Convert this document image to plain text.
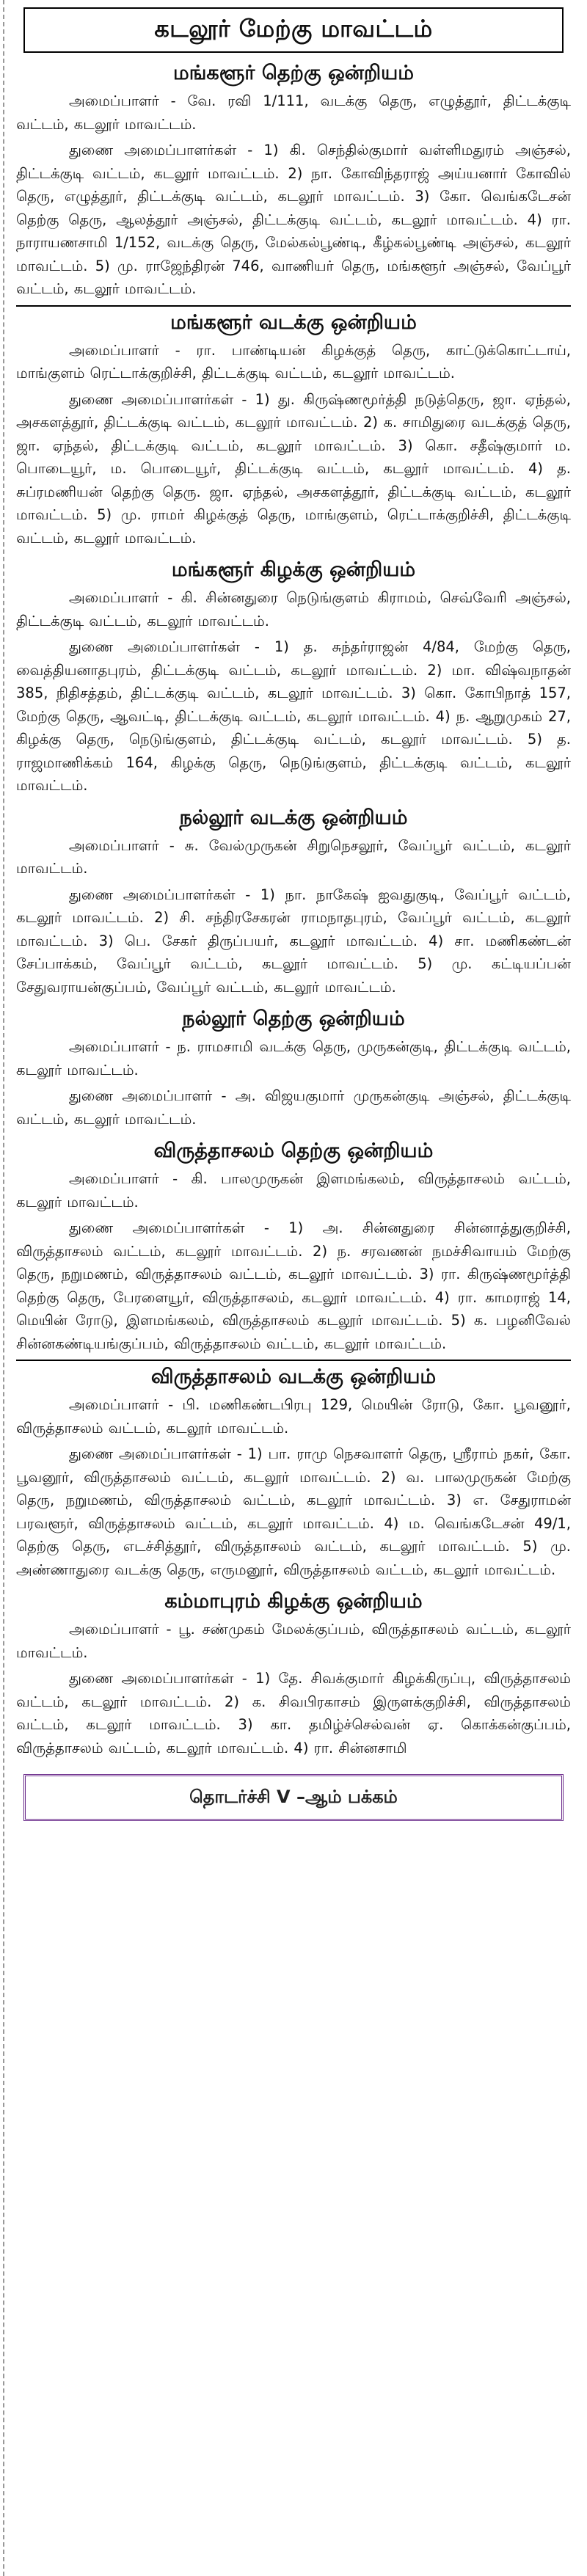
கடலூர் மேற்கு மாவட்டம்
மங்களூர் தெற்கு ஒன்றியம்

அமைப்பாளர் - வே. ரவி 1/111, வடக்கு தெரு, எழுத்தூர், திட்டக்குடி வட்டம், கடலூர் மாவட்டம்.

துணை அமைப்பாளர்கள் - 1) கி. செந்தில்குமார் வள்ளிமதுரம் அஞ்சல், திட்டக்குடி வட்டம், கடலூர் மாவட்டம். 2) நா. கோவிந்தராஜ் அய்யனார் கோவில் தெரு, எழுத்தூர், திட்டக்குடி வட்டம், கடலூர் மாவட்டம். 3) கோ. வெங்கடேசன் தெற்கு தெரு, ஆலத்தூர் அஞ்சல், திட்டக்குடி வட்டம், கடலூர் மாவட்டம். 4) ரா. நாராயணசாமி 1/152, வடக்கு தெரு, மேல்கல்பூண்டி, கீழ்கல்பூண்டி அஞ்சல், கடலூர் மாவட்டம். 5) மு. ராஜேந்திரன் 746, வாணியர் தெரு, மங்களூர் அஞ்சல், வேப்பூர் வட்டம், கடலூர் மாவட்டம்.

மங்களூர் வடக்கு ஒன்றியம்

அமைப்பாளர் - ரா. பாண்டியன் கிழக்குத் தெரு, காட்டுக்கொட்டாய், மாங்குளம் ரெட்டாக்குறிச்சி, திட்டக்குடி வட்டம், கடலூர் மாவட்டம்.

துணை அமைப்பாளர்கள் - 1) து. கிருஷ்ணமூர்த்தி நடுத்தெரு, ஜா. ஏந்தல், அசகளத்தூர், திட்டக்குடி வட்டம், கடலூர் மாவட்டம். 2) க. சாமிதுரை வடக்குத் தெரு, ஜா. ஏந்தல், திட்டக்குடி வட்டம், கடலூர் மாவட்டம். 3) கொ. சதீஷ்குமார் ம. பொடையூர், ம. பொடையூர், திட்டக்குடி வட்டம், கடலூர் மாவட்டம். 4) த. சுப்ரமணியன் தெற்கு தெரு. ஜா. ஏந்தல், அசகளத்தூர், திட்டக்குடி வட்டம், கடலூர் மாவட்டம். 5) மு. ராமர் கிழக்குத் தெரு, மாங்குளம், ரெட்டாக்குறிச்சி, திட்டக்குடி வட்டம், கடலூர் மாவட்டம்.

மங்களூர் கிழக்கு ஒன்றியம்

அமைப்பாளர் - கி. சின்னதுரை நெடுங்குளம் கிராமம், செவ்வேரி அஞ்சல், திட்டக்குடி வட்டம், கடலூர் மாவட்டம்.

துணை அமைப்பாளர்கள் - 1) த. சுந்தர்ராஜன் 4/84, மேற்கு தெரு, வைத்தியனாதபுரம், திட்டக்குடி வட்டம், கடலூர் மாவட்டம். 2) மா. விஷ்வநாதன் 385, நிதிசத்தம், திட்டக்குடி வட்டம், கடலூர் மாவட்டம். 3) கொ. கோபிநாத் 157, மேற்கு தெரு, ஆவட்டி, திட்டக்குடி வட்டம், கடலூர் மாவட்டம். 4) ந. ஆறுமுகம் 27, கிழக்கு தெரு, நெடுங்குளம், திட்டக்குடி வட்டம், கடலூர் மாவட்டம். 5) த. ராஜமாணிக்கம் 164, கிழக்கு தெரு, நெடுங்குளம், திட்டக்குடி வட்டம், கடலூர் மாவட்டம்.

நல்லூர் வடக்கு ஒன்றியம்

அமைப்பாளர் - சு. வேல்முருகன் சிறுநெசலூர், வேப்பூர் வட்டம், கடலூர் மாவட்டம்.

துணை அமைப்பாளர்கள் - 1) நா. நாகேஷ் ஐவதுகுடி, வேப்பூர் வட்டம், கடலூர் மாவட்டம். 2) சி. சந்திரசேகரன் ராமநாதபுரம், வேப்பூர் வட்டம், கடலூர் மாவட்டம். 3) பெ. சேகர் திருப்பயர், கடலூர் மாவட்டம். 4) சா. மணிகண்டன் சேப்பாக்கம், வேப்பூர் வட்டம், கடலூர் மாவட்டம். 5) மு. கட்டியப்பன் சேதுவராயன்குப்பம், வேப்பூர் வட்டம், கடலூர் மாவட்டம்.

நல்லூர் தெற்கு ஒன்றியம்

அமைப்பாளர் - ந. ராமசாமி வடக்கு தெரு, முருகன்குடி, திட்டக்குடி வட்டம், கடலூர் மாவட்டம்.

துணை அமைப்பாளர் - அ. விஜயகுமார் முருகன்குடி அஞ்சல், திட்டக்குடி வட்டம், கடலூர் மாவட்டம்.

விருத்தாசலம் தெற்கு ஒன்றியம்

அமைப்பாளர் - கி. பாலமுருகன் இளமங்கலம், விருத்தாசலம் வட்டம், கடலூர் மாவட்டம்.

துணை அமைப்பாளர்கள் - 1) அ. சின்னதுரை சின்னாத்துகுறிச்சி, விருத்தாசலம் வட்டம், கடலூர் மாவட்டம். 2) ந. சரவணன் நமச்சிவாயம் மேற்கு தெரு, நறுமணம், விருத்தாசலம் வட்டம், கடலூர் மாவட்டம். 3) ரா. கிருஷ்ணமூர்த்தி தெற்கு தெரு, பேரளையூர், விருத்தாசலம், கடலூர் மாவட்டம். 4) ரா. காமராஜ் 14, மெயின் ரோடு, இளமங்கலம், விருத்தாசலம் கடலூர் மாவட்டம். 5) க. பழனிவேல் சின்னகண்டியங்குப்பம், விருத்தாசலம் வட்டம், கடலூர் மாவட்டம்.

விருத்தாசலம் வடக்கு ஒன்றியம்

அமைப்பாளர் - பி. மணிகண்டபிரபு 129, மெயின் ரோடு, கோ. பூவனூர், விருத்தாசலம் வட்டம், கடலூர் மாவட்டம்.

துணை அமைப்பாளர்கள் - 1) பா. ராமு நெசவாளர் தெரு, ஸ்ரீராம் நகர், கோ. பூவனூர், விருத்தாசலம் வட்டம், கடலூர் மாவட்டம். 2) வ. பாலமுருகன் மேற்கு தெரு, நறுமணம், விருத்தாசலம் வட்டம், கடலூர் மாவட்டம். 3) எ. சேதுராமன் பரவளூர், விருத்தாசலம் வட்டம், கடலூர் மாவட்டம். 4) ம. வெங்கடேசன் 49/1, தெற்கு தெரு, எடச்சித்தூர், விருத்தாசலம் வட்டம், கடலூர் மாவட்டம். 5) மு. அண்ணாதுரை வடக்கு தெரு, எருமனூர், விருத்தாசலம் வட்டம், கடலூர் மாவட்டம்.

கம்மாபுரம் கிழக்கு ஒன்றியம்

அமைப்பாளர் - பூ. சண்முகம் மேலக்குப்பம், விருத்தாசலம் வட்டம், கடலூர் மாவட்டம்.

துணை அமைப்பாளர்கள் - 1) தே. சிவக்குமார் கிழக்கிருப்பு, விருத்தாசலம் வட்டம், கடலூர் மாவட்டம். 2) க. சிவபிரகாசம் இருளக்குறிச்சி, விருத்தாசலம் வட்டம், கடலூர் மாவட்டம். 3) கா. தமிழ்ச்செல்வன் ஏ. கொக்கன்குப்பம், விருத்தாசலம் வட்டம், கடலூர் மாவட்டம். 4) ரா. சின்னசாமி

தொடர்ச்சி V –ஆம் பக்கம்
